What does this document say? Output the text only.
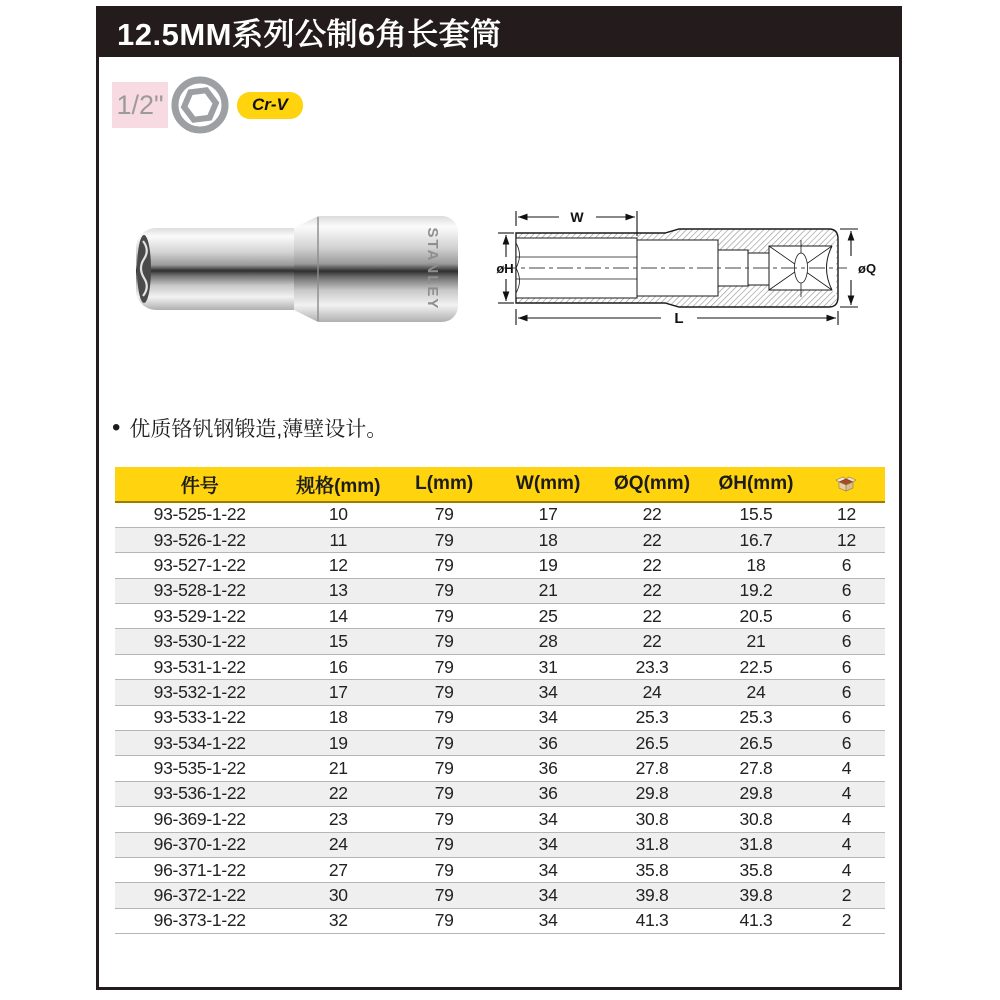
12.5MM系列公制6角长套筒
1/2"	Cr-V
STANLEY
W
L
øH	øQ
• 优质铬钒钢锻造,薄壁设计。
件号	规格(mm)	L(mm)	W(mm)	ØQ(mm)	ØH(mm)	
93-525-1-22	10	79	17	22	15.5	12
93-526-1-22	11	79	18	22	16.7	12
93-527-1-22	12	79	19	22	18	6
93-528-1-22	13	79	21	22	19.2	6
93-529-1-22	14	79	25	22	20.5	6
93-530-1-22	15	79	28	22	21	6
93-531-1-22	16	79	31	23.3	22.5	6
93-532-1-22	17	79	34	24	24	6
93-533-1-22	18	79	34	25.3	25.3	6
93-534-1-22	19	79	36	26.5	26.5	6
93-535-1-22	21	79	36	27.8	27.8	4
93-536-1-22	22	79	36	29.8	29.8	4
96-369-1-22	23	79	34	30.8	30.8	4
96-370-1-22	24	79	34	31.8	31.8	4
96-371-1-22	27	79	34	35.8	35.8	4
96-372-1-22	30	79	34	39.8	39.8	2
96-373-1-22	32	79	34	41.3	41.3	2
